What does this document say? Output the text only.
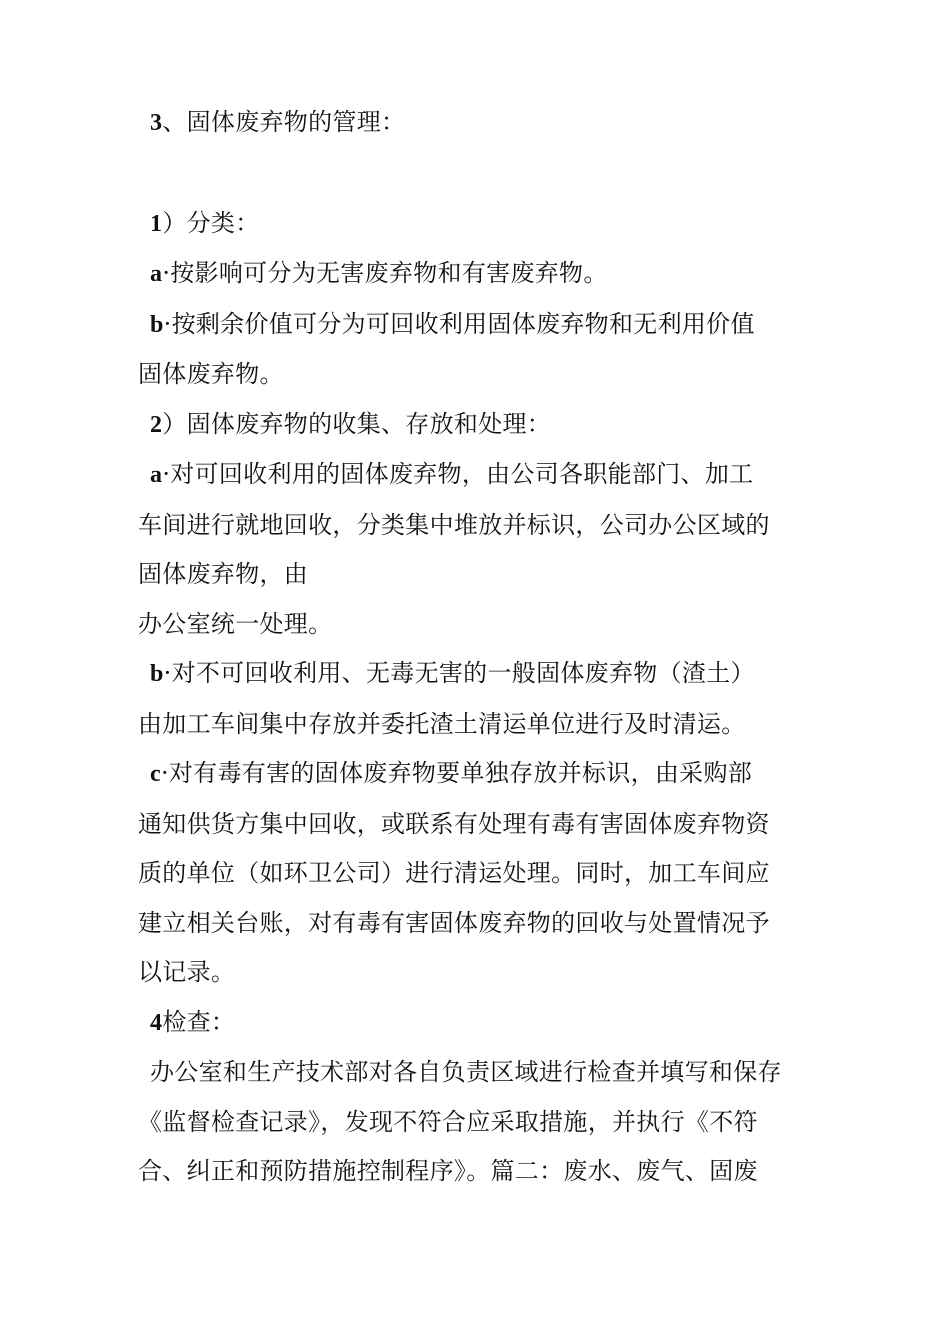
3、固体废弃物的管理：
1）分类：
a·按影响可分为无害废弃物和有害废弃物。
b·按剩余价值可分为可回收利用固体废弃物和无利用价值
固体废弃物。
2）固体废弃物的收集、存放和处理：
a·对可回收利用的固体废弃物，由公司各职能部门、加工
车间进行就地回收，分类集中堆放并标识，公司办公区域的
固体废弃物，由
办公室统一处理。
b·对不可回收利用、无毒无害的一般固体废弃物（渣土）
由加工车间集中存放并委托渣土清运单位进行及时清运。
c·对有毒有害的固体废弃物要单独存放并标识，由采购部
通知供货方集中回收，或联系有处理有毒有害固体废弃物资
质的单位（如环卫公司）进行清运处理。同时，加工车间应
建立相关台账，对有毒有害固体废弃物的回收与处置情况予
以记录。
4检查：
办公室和生产技术部对各自负责区域进行检查并填写和保存
《监督检查记录》，发现不符合应采取措施，并执行《不符
合、纠正和预防措施控制程序》。篇二：废水、废气、固废
